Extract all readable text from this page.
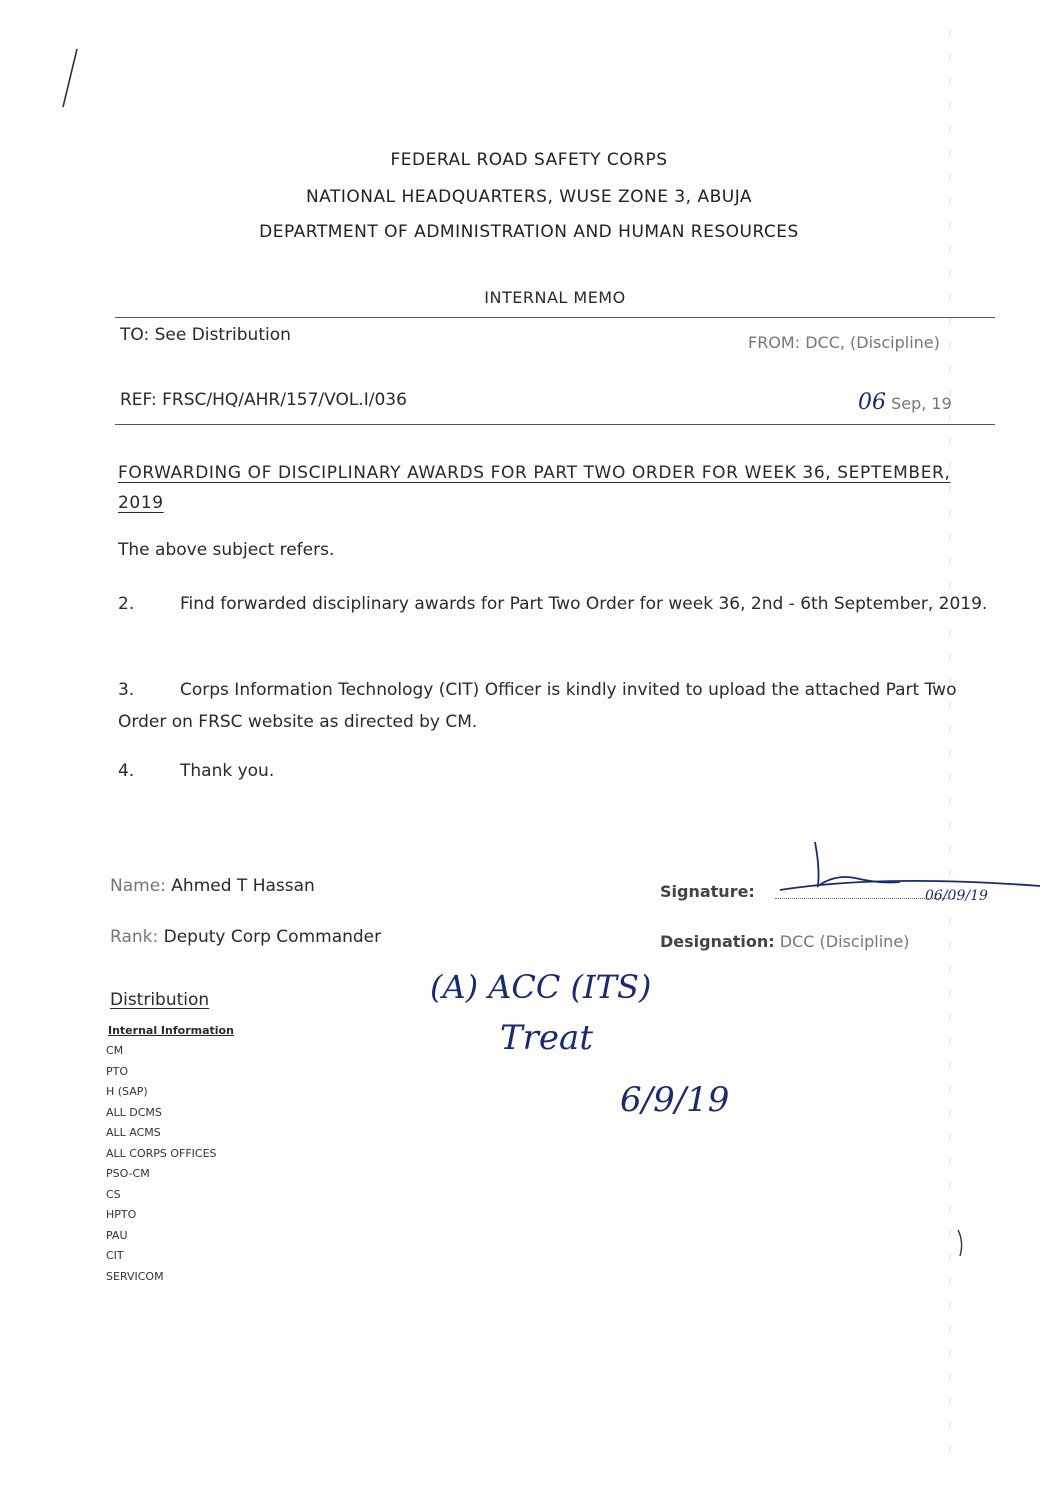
FEDERAL ROAD SAFETY CORPS
NATIONAL HEADQUARTERS, WUSE ZONE 3, ABUJA
DEPARTMENT OF ADMINISTRATION AND HUMAN RESOURCES
INTERNAL MEMO
TO: See Distribution	FROM: DCC, (Discipline)
REF: FRSC/HQ/AHR/157/VOL.I/036	06 Sep, 19
FORWARDING OF DISCIPLINARY AWARDS FOR PART TWO ORDER FOR WEEK 36, SEPTEMBER, 2019
The above subject refers.
2.	Find forwarded disciplinary awards for Part Two Order for week 36, 2nd - 6th September, 2019.
3.	Corps Information Technology (CIT) Officer is kindly invited to upload the attached Part Two Order on FRSC website as directed by CM.
4.	Thank you.
Name: Ahmed T Hassan
Rank: Deputy Corp Commander
Signature:	06/09/19
Designation: DCC (Discipline)
(A) ACC (ITS)
Treat
6/9/19
Distribution
Internal Information
CM
PTO
H (SAP)
ALL DCMS
ALL ACMS
ALL CORPS OFFICES
PSO-CM
CS
HPTO
PAU
CIT
SERVICOM
